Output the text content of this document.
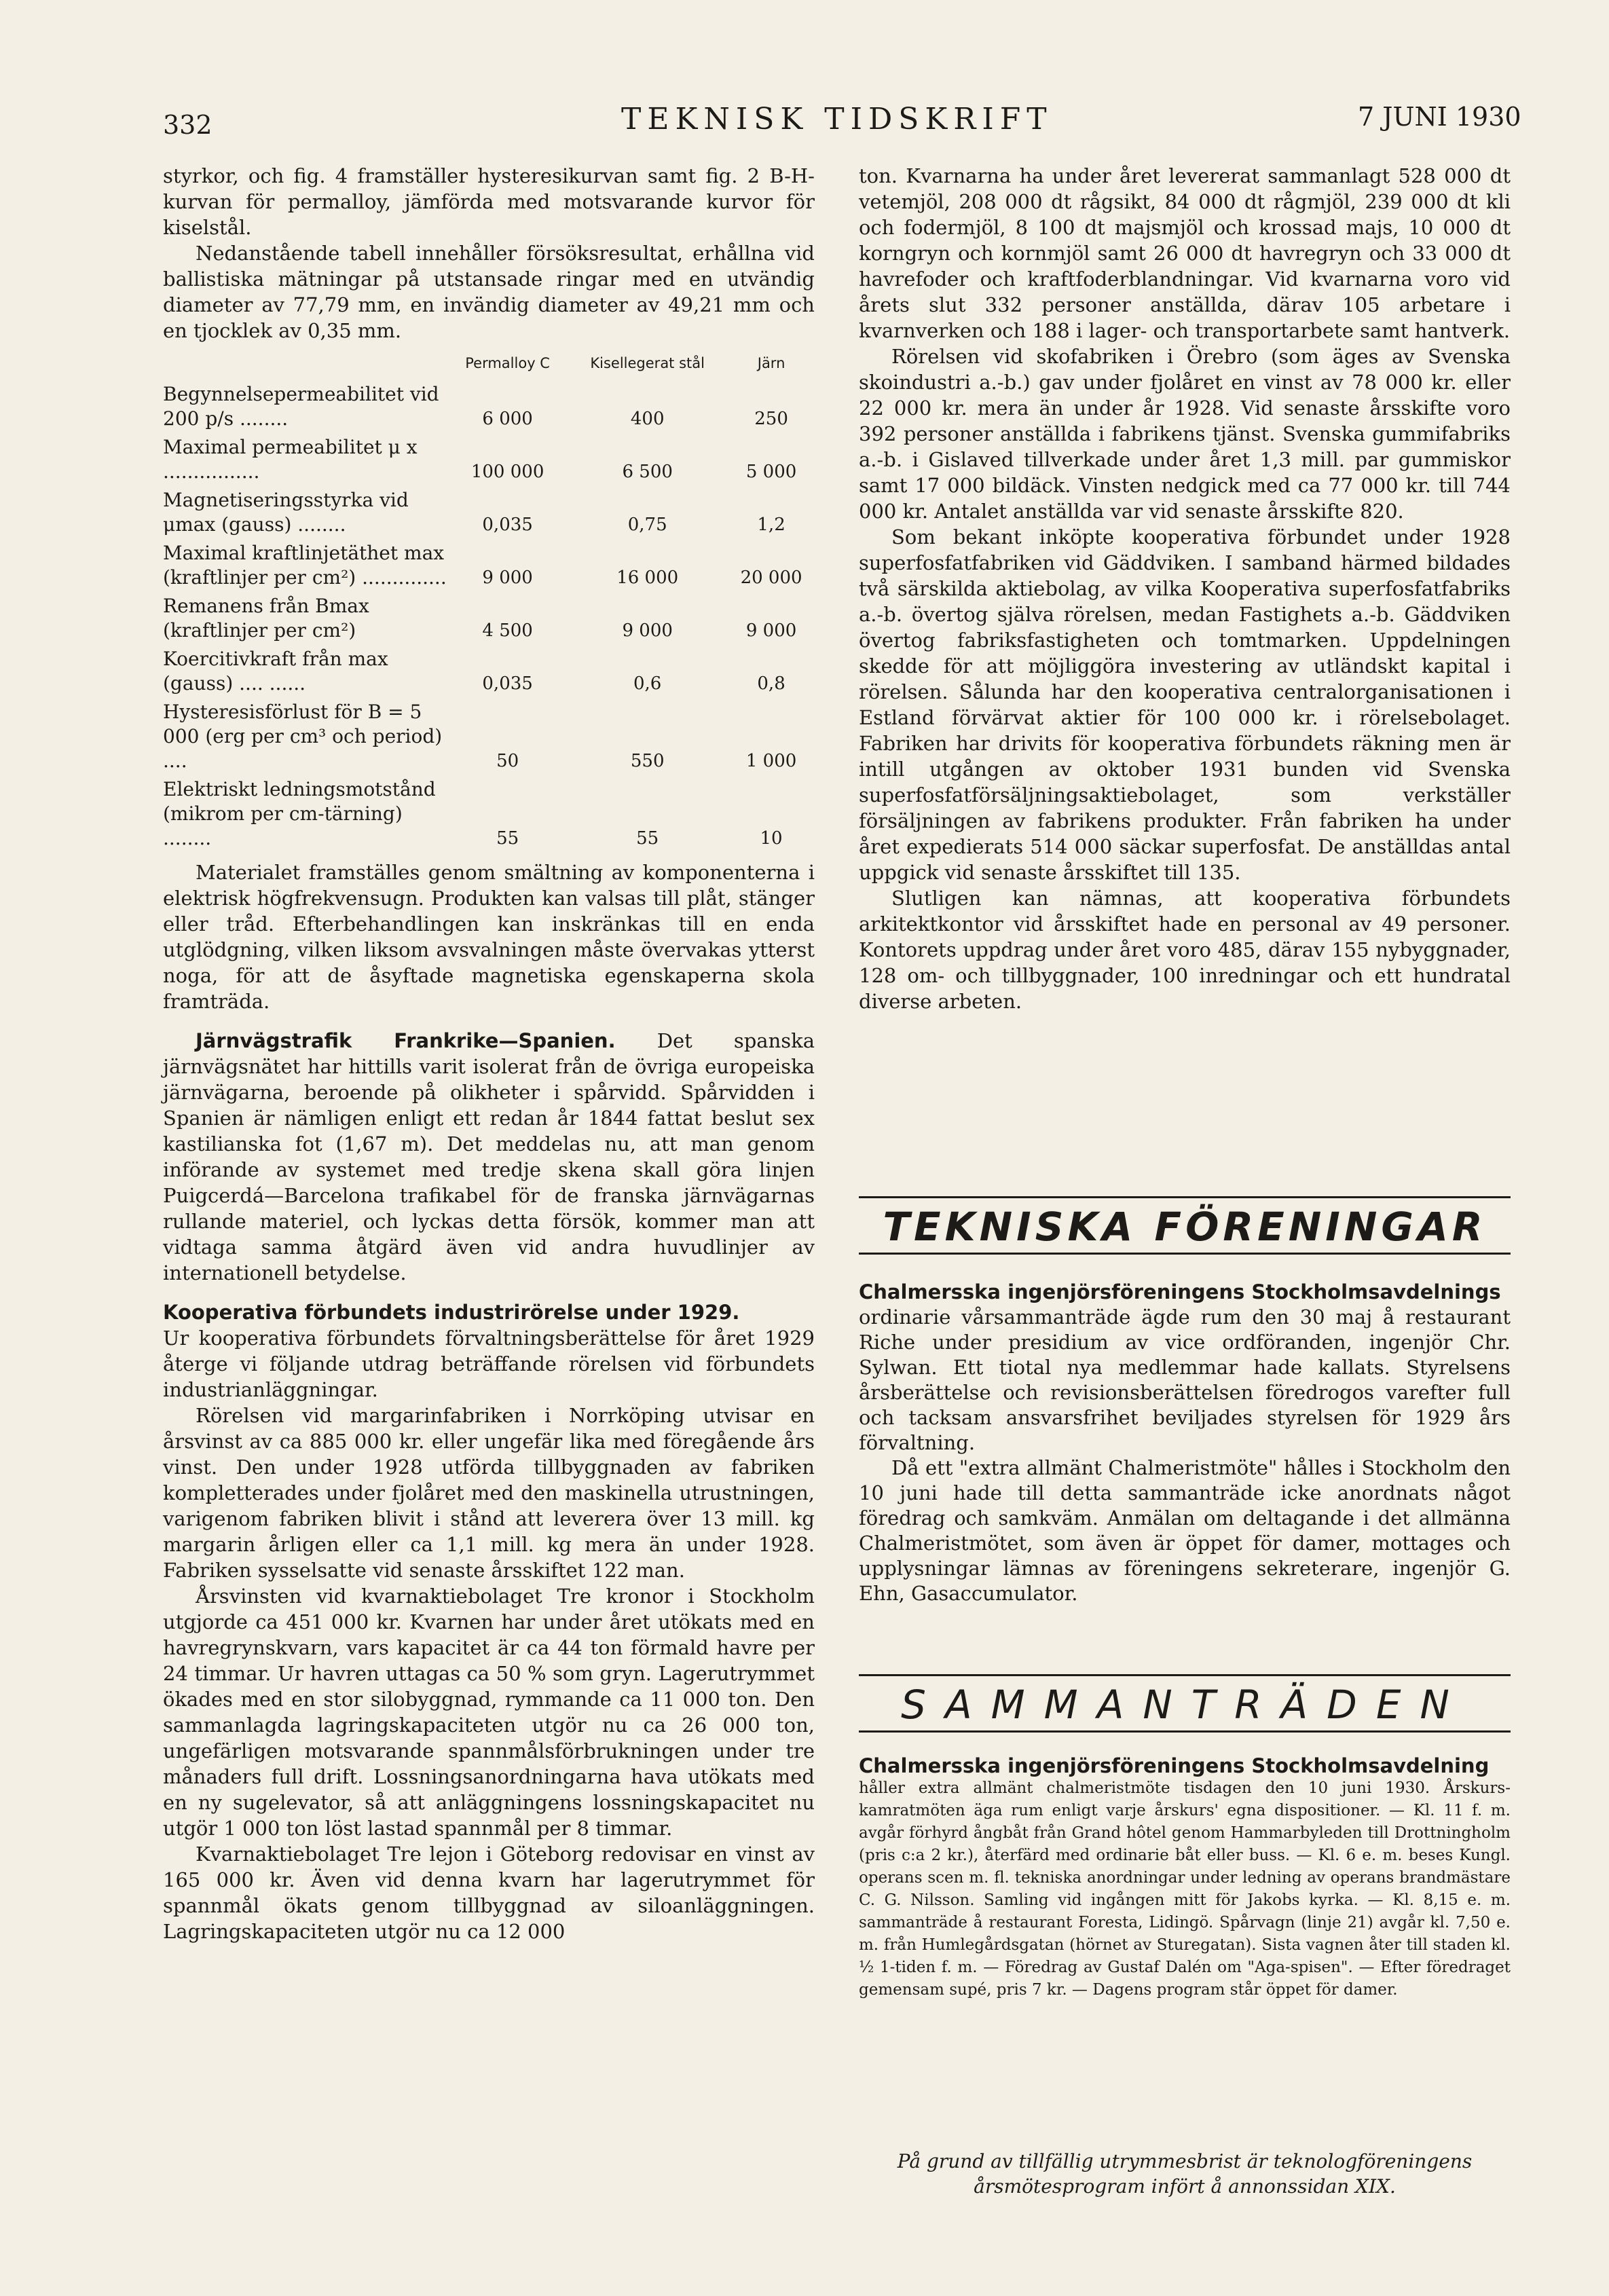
332	TEKNISK TIDSKRIFT	7 JUNI 1930

styrkor, och fig. 4 framställer hysteresikurvan samt fig. 2 B-H-kurvan för permalloy, jämförda med motsvarande kurvor för kiselstål.

Nedanstående tabell innehåller försöksresultat, erhållna vid ballistiska mätningar på utstansade ringar med en utvändig diameter av 77,79 mm, en invändig diameter av 49,21 mm och en tjocklek av 0,35 mm.

	Permalloy C	Kisellegerat stål	Järn
Begynnelsepermeabilitet vid 200 p/s ........	6 000	400	250
Maximal permeabilitet μ x ................	100 000	6 500	5 000
Magnetiseringsstyrka vid μmax (gauss) ........	0,035	0,75	1,2
Maximal kraftlinjetäthet max (kraftlinjer per cm²) ..............	9 000	16 000	20 000
Remanens från Bmax (kraftlinjer per cm²)	4 500	9 000	9 000
Koercitivkraft från max (gauss) .... ......	0,035	0,6	0,8
Hysteresisförlust för B = 5 000 (erg per cm³ och period) ....	50	550	1 000
Elektriskt ledningsmotstånd (mikrom per cm-tärning) ........	55	55	10

Materialet framställes genom smältning av komponenterna i elektrisk högfrekvensugn. Produkten kan valsas till plåt, stänger eller tråd. Efterbehandlingen kan inskränkas till en enda utglödgning, vilken liksom avsvalningen måste övervakas ytterst noga, för att de åsyftade magnetiska egenskaperna skola framträda.

Järnvägstrafik Frankrike—Spanien. Det spanska järnvägsnätet har hittills varit isolerat från de övriga europeiska järnvägarna, beroende på olikheter i spårvidd. Spårvidden i Spanien är nämligen enligt ett redan år 1844 fattat beslut sex kastilianska fot (1,67 m). Det meddelas nu, att man genom införande av systemet med tredje skena skall göra linjen Puigcerdá—Barcelona trafikabel för de franska järnvägarnas rullande materiel, och lyckas detta försök, kommer man att vidtaga samma åtgärd även vid andra huvudlinjer av internationell betydelse.

Kooperativa förbundets industrirörelse under 1929.

Ur kooperativa förbundets förvaltningsberättelse för året 1929 återge vi följande utdrag beträffande rörelsen vid förbundets industrianläggningar.

Rörelsen vid margarinfabriken i Norrköping utvisar en årsvinst av ca 885 000 kr. eller ungefär lika med föregående års vinst. Den under 1928 utförda tillbyggnaden av fabriken kompletterades under fjolåret med den maskinella utrustningen, varigenom fabriken blivit i stånd att leverera över 13 mill. kg margarin årligen eller ca 1,1 mill. kg mera än under 1928. Fabriken sysselsatte vid senaste årsskiftet 122 man.

Årsvinsten vid kvarnaktiebolaget Tre kronor i Stockholm utgjorde ca 451 000 kr. Kvarnen har under året utökats med en havregrynskvarn, vars kapacitet är ca 44 ton förmald havre per 24 timmar. Ur havren uttagas ca 50 % som gryn. Lagerutrymmet ökades med en stor silobyggnad, rymmande ca 11 000 ton. Den sammanlagda lagringskapaciteten utgör nu ca 26 000 ton, ungefärligen motsvarande spannmålsförbrukningen under tre månaders full drift. Lossningsanordningarna hava utökats med en ny sugelevator, så att anläggningens lossningskapacitet nu utgör 1 000 ton löst lastad spannmål per 8 timmar.

Kvarnaktiebolaget Tre lejon i Göteborg redovisar en vinst av 165 000 kr. Även vid denna kvarn har lagerutrymmet för spannmål ökats genom tillbyggnad av siloanläggningen. Lagringskapaciteten utgör nu ca 12 000

ton. Kvarnarna ha under året levererat sammanlagt 528 000 dt vetemjöl, 208 000 dt rågsikt, 84 000 dt rågmjöl, 239 000 dt kli och fodermjöl, 8 100 dt majsmjöl och krossad majs, 10 000 dt korngryn och kornmjöl samt 26 000 dt havregryn och 33 000 dt havrefoder och kraftfoderblandningar. Vid kvarnarna voro vid årets slut 332 personer anställda, därav 105 arbetare i kvarnverken och 188 i lager- och transportarbete samt hantverk.

Rörelsen vid skofabriken i Örebro (som äges av Svenska skoindustri a.-b.) gav under fjolåret en vinst av 78 000 kr. eller 22 000 kr. mera än under år 1928. Vid senaste årsskifte voro 392 personer anställda i fabrikens tjänst. Svenska gummifabriks a.-b. i Gislaved tillverkade under året 1,3 mill. par gummiskor samt 17 000 bildäck. Vinsten nedgick med ca 77 000 kr. till 744 000 kr. Antalet anställda var vid senaste årsskifte 820.

Som bekant inköpte kooperativa förbundet under 1928 superfosfatfabriken vid Gäddviken. I samband härmed bildades två särskilda aktiebolag, av vilka Kooperativa superfosfatfabriks a.-b. övertog själva rörelsen, medan Fastighets a.-b. Gäddviken övertog fabriksfastigheten och tomtmarken. Uppdelningen skedde för att möjliggöra investering av utländskt kapital i rörelsen. Sålunda har den kooperativa centralorganisationen i Estland förvärvat aktier för 100 000 kr. i rörelsebolaget. Fabriken har drivits för kooperativa förbundets räkning men är intill utgången av oktober 1931 bunden vid Svenska superfosfatförsäljningsaktiebolaget, som verkställer försäljningen av fabrikens produkter. Från fabriken ha under året expedierats 514 000 säckar superfosfat. De anställdas antal uppgick vid senaste årsskiftet till 135.

Slutligen kan nämnas, att kooperativa förbundets arkitektkontor vid årsskiftet hade en personal av 49 personer. Kontorets uppdrag under året voro 485, därav 155 nybyggnader, 128 om- och tillbyggnader, 100 inredningar och ett hundratal diverse arbeten.

TEKNISKA FÖRENINGAR
Chalmersska ingenjörsföreningens Stockholmsavdelnings

ordinarie vårsammanträde ägde rum den 30 maj å restaurant Riche under presidium av vice ordföranden, ingenjör Chr. Sylwan. Ett tiotal nya medlemmar hade kallats. Styrelsens årsberättelse och revisionsberättelsen föredrogos varefter full och tacksam ansvarsfrihet beviljades styrelsen för 1929 års förvaltning.

Då ett "extra allmänt Chalmeristmöte" hålles i Stockholm den 10 juni hade till detta sammanträde icke anordnats något föredrag och samkväm. Anmälan om deltagande i det allmänna Chalmeristmötet, som även är öppet för damer, mottages och upplysningar lämnas av föreningens sekreterare, ingenjör G. Ehn, Gasaccumulator.

SAMMANTRÄDEN
Chalmersska ingenjörsföreningens Stockholmsavdelning

håller extra allmänt chalmeristmöte tisdagen den 10 juni 1930. Årskurs-kamratmöten äga rum enligt varje årskurs' egna dispositioner. — Kl. 11 f. m. avgår förhyrd ångbåt från Grand hôtel genom Hammarbyleden till Drottningholm (pris c:a 2 kr.), återfärd med ordinarie båt eller buss. — Kl. 6 e. m. beses Kungl. operans scen m. fl. tekniska anordningar under ledning av operans brandmästare C. G. Nilsson. Samling vid ingången mitt för Jakobs kyrka. — Kl. 8,15 e. m. sammanträde å restaurant Foresta, Lidingö. Spårvagn (linje 21) avgår kl. 7,50 e. m. från Humlegårdsgatan (hörnet av Sturegatan). Sista vagnen åter till staden kl. ½ 1-tiden f. m. — Föredrag av Gustaf Dalén om "Aga-spisen". — Efter föredraget gemensam supé, pris 7 kr. — Dagens program står öppet för damer.

På grund av tillfällig utrymmesbrist är teknologföreningens årsmötesprogram infört å annonssidan XIX.
